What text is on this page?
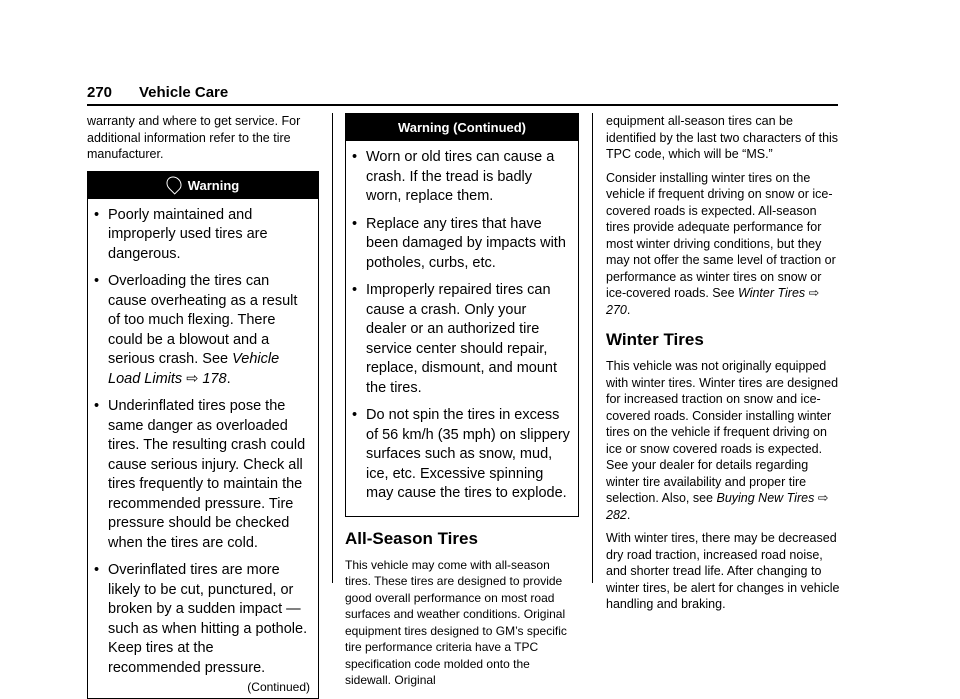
270 Vehicle Care

warranty and where to get service. For additional information refer to the tire manufacturer.

Warning

• Poorly maintained and improperly used tires are dangerous.

• Overloading the tires can cause overheating as a result of too much flexing. There could be a blowout and a serious crash. See Vehicle Load Limits ⇨ 178.

• Underinflated tires pose the same danger as overloaded tires. The resulting crash could cause serious injury. Check all tires frequently to maintain the recommended pressure. Tire pressure should be checked when the tires are cold.

• Overinflated tires are more likely to be cut, punctured, or broken by a sudden impact — such as when hitting a pothole. Keep tires at the recommended pressure.

(Continued)
Warning (Continued)

• Worn or old tires can cause a crash. If the tread is badly worn, replace them.

• Replace any tires that have been damaged by impacts with potholes, curbs, etc.

• Improperly repaired tires can cause a crash. Only your dealer or an authorized tire service center should repair, replace, dismount, and mount the tires.

• Do not spin the tires in excess of 56 km/h (35 mph) on slippery surfaces such as snow, mud, ice, etc. Excessive spinning may cause the tires to explode.

All-Season Tires

This vehicle may come with all-season tires. These tires are designed to provide good overall performance on most road surfaces and weather conditions. Original equipment tires designed to GM’s specific tire performance criteria have a TPC specification code molded onto the sidewall. Original

equipment all-season tires can be identified by the last two characters of this TPC code, which will be “MS.”

Consider installing winter tires on the vehicle if frequent driving on snow or ice-covered roads is expected. All-season tires provide adequate performance for most winter driving conditions, but they may not offer the same level of traction or performance as winter tires on snow or ice-covered roads. See Winter Tires ⇨ 270.

Winter Tires

This vehicle was not originally equipped with winter tires. Winter tires are designed for increased traction on snow and ice-covered roads. Consider installing winter tires on the vehicle if frequent driving on ice or snow covered roads is expected. See your dealer for details regarding winter tire availability and proper tire selection. Also, see Buying New Tires ⇨ 282.

With winter tires, there may be decreased dry road traction, increased road noise, and shorter tread life. After changing to winter tires, be alert for changes in vehicle handling and braking.
